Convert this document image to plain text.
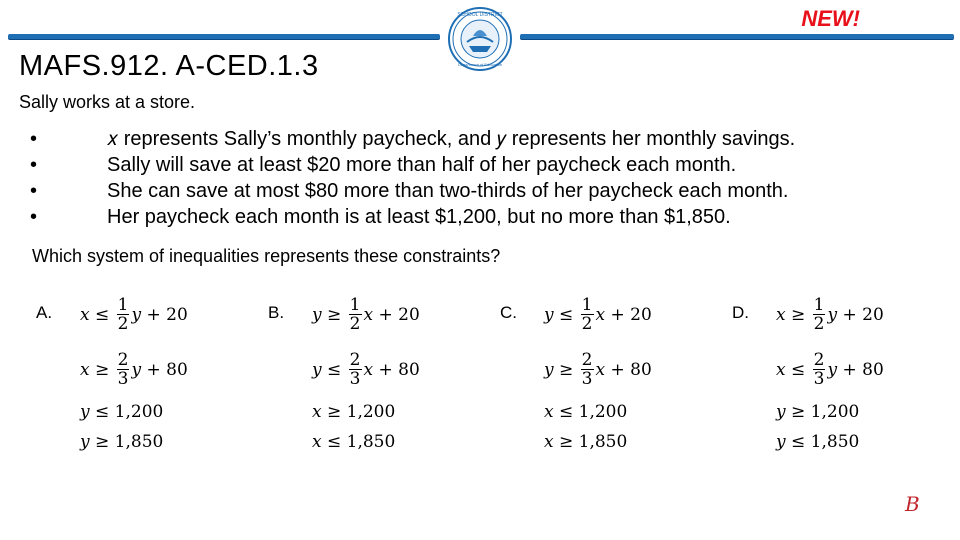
SCHOOL DISTRICT
Department of Education
NEW!
MAFS.912. A-CED.1.3
Sally works at a store.
•	𝑥 represents Sally’s monthly paycheck, and 𝑦 represents her monthly savings.
•	Sally will save at least $20 more than half of her paycheck each month.
•	She can save at most $80 more than two-thirds of her paycheck each month.
•	Her paycheck each month is at least $1,200, but no more than $1,850.
Which system of inequalities represents these constraints?
A. 𝑥 ≤
$\frac{1}{2}$ 𝑦 + 20
𝑥 ≥
$\frac{2}{3}$ 𝑦 + 80
𝑦 ≤ 1,200
𝑦 ≥ 1,850
B. 𝑦 ≥
$\frac{1}{2}$ 𝑥 + 20
𝑦 ≤
$\frac{2}{3}$ 𝑥 + 80
𝑥 ≥ 1,200
𝑥 ≤ 1,850
C. 𝑦 ≤
$\frac{1}{2}$ 𝑥 + 20
𝑦 ≥
$\frac{2}{3}$ 𝑥 + 80
𝑥 ≤ 1,200
𝑥 ≥ 1,850
D. 𝑥 ≥
$\frac{1}{2}$ 𝑦 + 20
𝑥 ≤
$\frac{2}{3}$ 𝑦 + 80
𝑦 ≥ 1,200
𝑦 ≤ 1,850
𝐵
